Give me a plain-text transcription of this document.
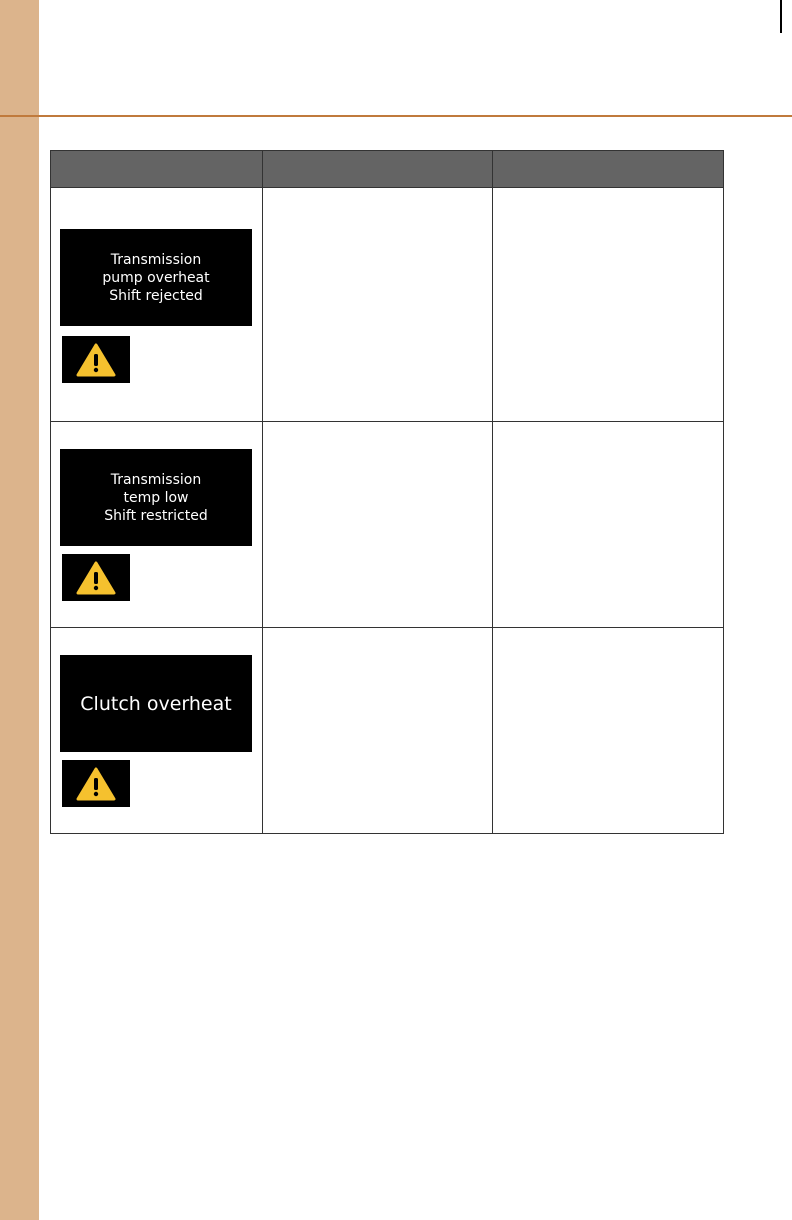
Transmission
pump overheat
Shift rejected		

Transmission
temp low
Shift restricted		

Clutch overheat		
